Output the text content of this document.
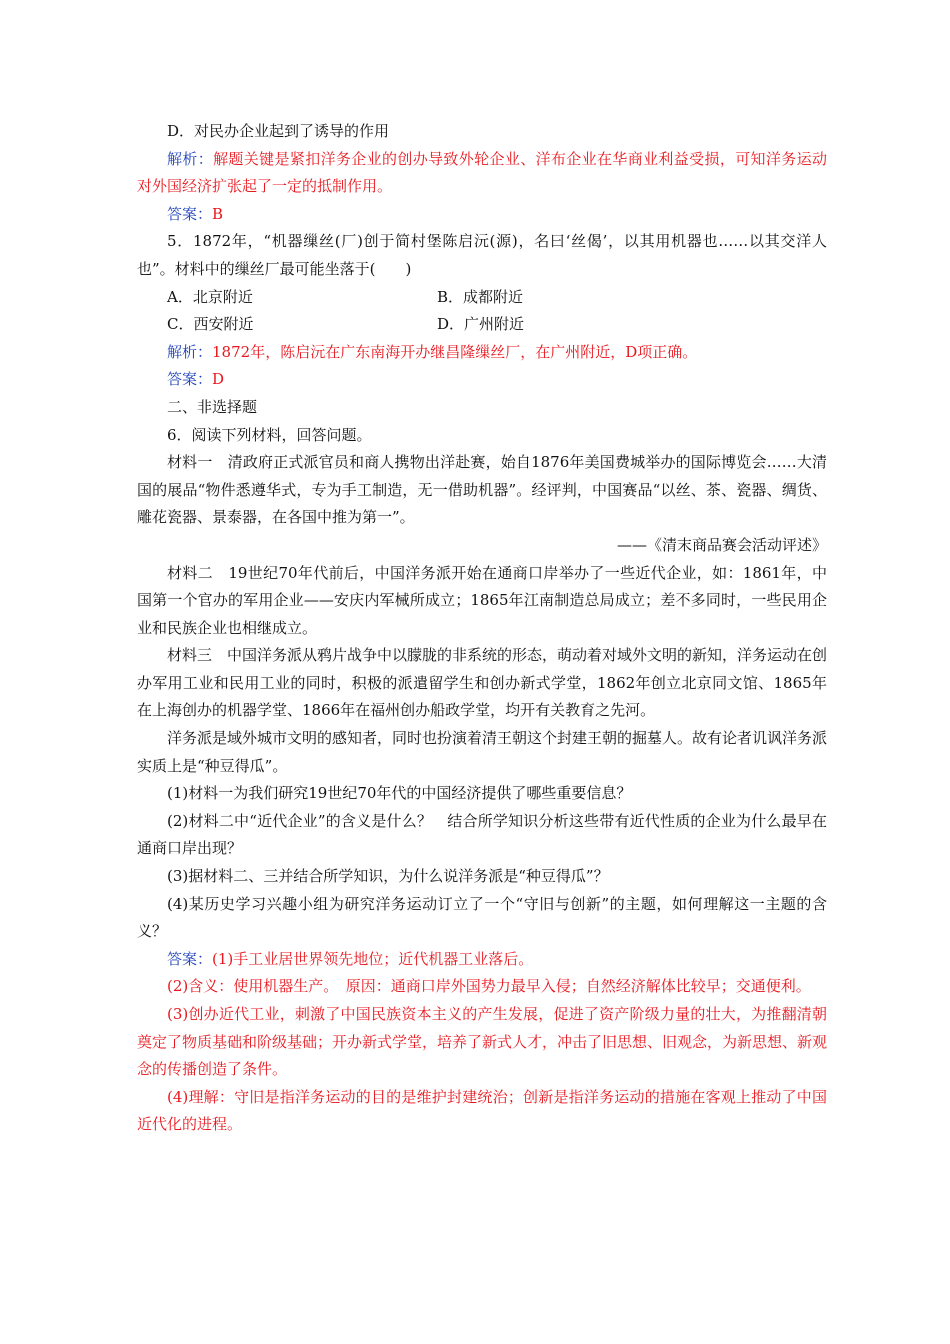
D．对民办企业起到了诱导的作用

解析：解题关键是紧扣洋务企业的创办导致外轮企业、洋布企业在华商业利益受损，可知洋务运动对外国经济扩张起了一定的抵制作用。

答案：B

5．1872年，“机器缫丝(厂)创于简村堡陈启沅(源)，名曰‘丝偈’，以其用机器也……以其交洋人也”。材料中的缫丝厂最可能坐落于(　　)

A．北京附近	B．成都附近
C．西安附近	D．广州附近

解析：1872年，陈启沅在广东南海开办继昌隆缫丝厂，在广州附近，D项正确。

答案：D

二、非选择题

6．阅读下列材料，回答问题。

材料一　清政府正式派官员和商人携物出洋赴赛，始自1876年美国费城举办的国际博览会……大清国的展品“物件悉遵华式，专为手工制造，无一借助机器”。经评判，中国赛品“以丝、茶、瓷器、绸货、雕花瓷器、景泰器，在各国中推为第一”。

——《清末商品赛会活动评述》

材料二　19世纪70年代前后，中国洋务派开始在通商口岸举办了一些近代企业，如：1861年，中国第一个官办的军用企业——安庆内军械所成立；1865年江南制造总局成立；差不多同时，一些民用企业和民族企业也相继成立。

材料三　中国洋务派从鸦片战争中以朦胧的非系统的形态，萌动着对域外文明的新知，洋务运动在创办军用工业和民用工业的同时，积极的派遣留学生和创办新式学堂，1862年创立北京同文馆、1865年在上海创办的机器学堂、1866年在福州创办船政学堂，均开有关教育之先河。

洋务派是域外城市文明的感知者，同时也扮演着清王朝这个封建王朝的掘墓人。故有论者讥讽洋务派实质上是“种豆得瓜”。

(1)材料一为我们研究19世纪70年代的中国经济提供了哪些重要信息？

(2)材料二中“近代企业”的含义是什么？　结合所学知识分析这些带有近代性质的企业为什么最早在通商口岸出现？

(3)据材料二、三并结合所学知识，为什么说洋务派是“种豆得瓜”？

(4)某历史学习兴趣小组为研究洋务运动订立了一个“守旧与创新”的主题，如何理解这一主题的含义？

答案：(1)手工业居世界领先地位；近代机器工业落后。

(2)含义：使用机器生产。　原因：通商口岸外国势力最早入侵；自然经济解体比较早；交通便利。

(3)创办近代工业，刺激了中国民族资本主义的产生发展，促进了资产阶级力量的壮大，为推翻清朝奠定了物质基础和阶级基础；开办新式学堂，培养了新式人才，冲击了旧思想、旧观念，为新思想、新观念的传播创造了条件。

(4)理解：守旧是指洋务运动的目的是维护封建统治；创新是指洋务运动的措施在客观上推动了中国近代化的进程。
